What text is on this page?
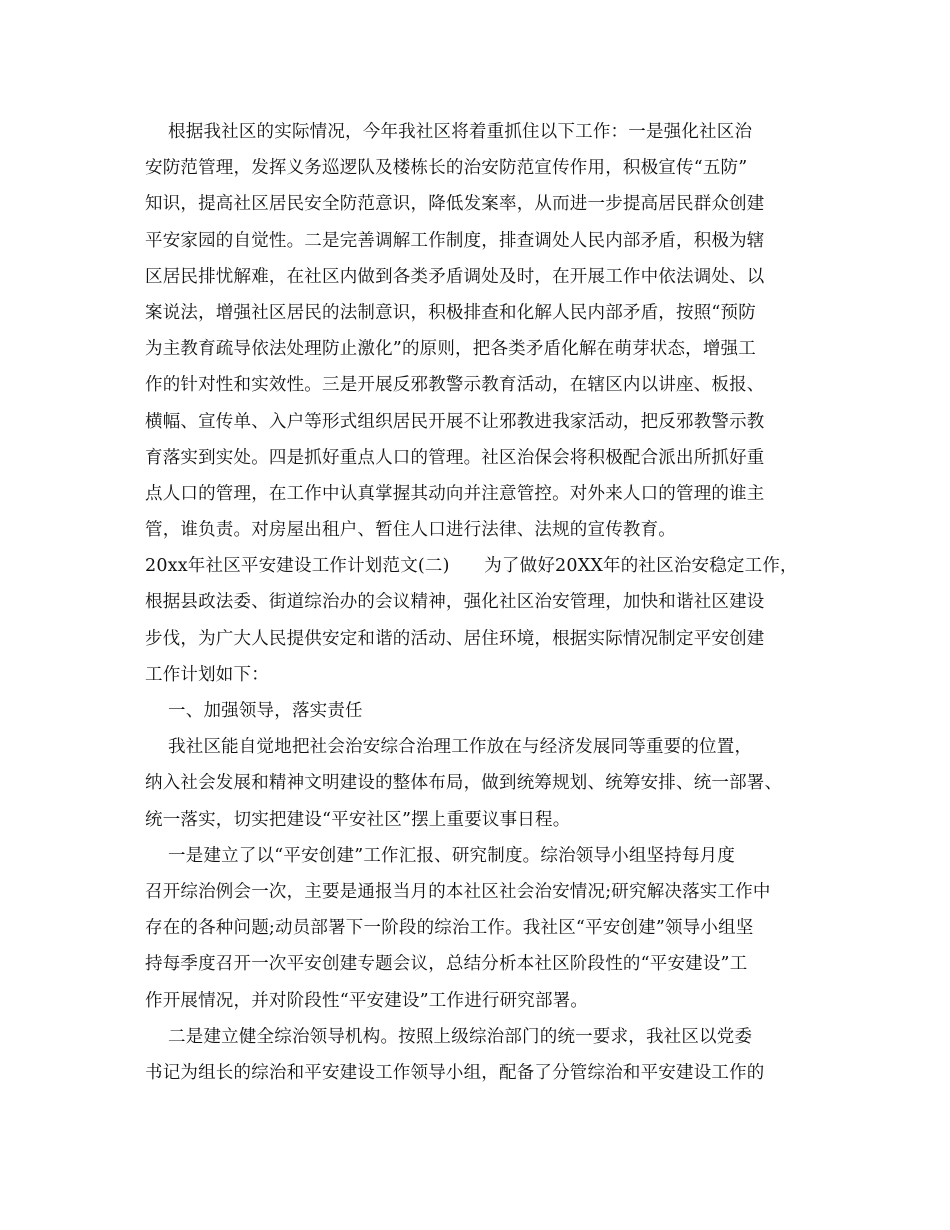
根据我社区的实际情况，今年我社区将着重抓住以下工作：一是强化社区治
安防范管理，发挥义务巡逻队及楼栋长的治安防范宣传作用，积极宣传“五防”
知识，提高社区居民安全防范意识，降低发案率，从而进一步提高居民群众创建
平安家园的自觉性。二是完善调解工作制度，排查调处人民内部矛盾，积极为辖
区居民排忧解难，在社区内做到各类矛盾调处及时，在开展工作中依法调处、以
案说法，增强社区居民的法制意识，积极排查和化解人民内部矛盾，按照“预防
为主教育疏导依法处理防止激化”的原则，把各类矛盾化解在萌芽状态，增强工
作的针对性和实效性。三是开展反邪教警示教育活动，在辖区内以讲座、板报、
横幅、宣传单、入户等形式组织居民开展不让邪教进我家活动，把反邪教警示教
育落实到实处。四是抓好重点人口的管理。社区治保会将积极配合派出所抓好重
点人口的管理，在工作中认真掌握其动向并注意管控。对外来人口的管理的谁主
管，谁负责。对房屋出租户、暂住人口进行法律、法规的宣传教育。
20xx年社区平安建设工作计划范文(二)      为了做好20XX年的社区治安稳定工作，
根据县政法委、街道综治办的会议精神，强化社区治安管理，加快和谐社区建设
步伐，为广大人民提供安定和谐的活动、居住环境，根据实际情况制定平安创建
工作计划如下：
一、加强领导，落实责任
我社区能自觉地把社会治安综合治理工作放在与经济发展同等重要的位置，
纳入社会发展和精神文明建设的整体布局，做到统筹规划、统筹安排、统一部署、
统一落实，切实把建设“平安社区”摆上重要议事日程。
一是建立了以“平安创建”工作汇报、研究制度。综治领导小组坚持每月度
召开综治例会一次，主要是通报当月的本社区社会治安情况;研究解决落实工作中
存在的各种问题;动员部署下一阶段的综治工作。我社区“平安创建”领导小组坚
持每季度召开一次平安创建专题会议，总结分析本社区阶段性的“平安建设”工
作开展情况，并对阶段性“平安建设”工作进行研究部署。
二是建立健全综治领导机构。按照上级综治部门的统一要求，我社区以党委
书记为组长的综治和平安建设工作领导小组，配备了分管综治和平安建设工作的
